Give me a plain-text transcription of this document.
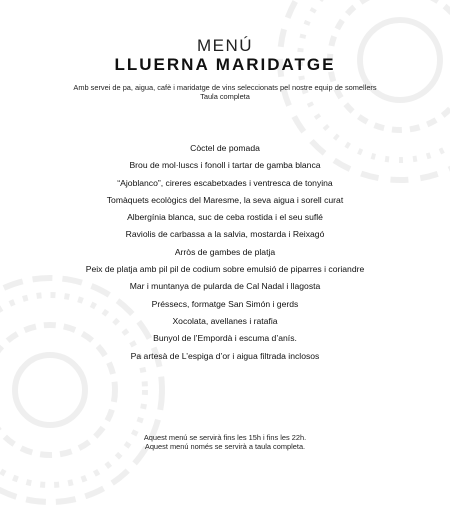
MENÚ
LLUERNA MARIDATGE
Amb servei de pa, aigua, cafè i maridatge de vins seleccionats pel nostre equip de somellers
Taula completa
Còctel de pomada
Brou de mol·luscs i fonoll i tartar de gamba blanca
“Ajoblanco”, cireres escabetxades i ventresca de tonyina
Tomàquets ecològics del Maresme, la seva aigua i sorell curat
Albergínia blanca, suc de ceba rostida i el seu suflé
Raviolis de carbassa a la salvia, mostarda i Reixagó
Arròs de gambes de platja
Peix de platja amb pil pil de codium sobre emulsió de piparres i coriandre
Mar i muntanya de pularda de Cal Nadal i llagosta
Préssecs, formatge San Simón i gerds
Xocolata, avellanes i ratafia
Bunyol de l’Empordà i escuma d’anís.
Pa artesà de L’espiga d’or i aigua filtrada inclosos
Aquest menú se servirà fins les 15h i fins les 22h.
Aquest menú només se servirà a taula completa.
